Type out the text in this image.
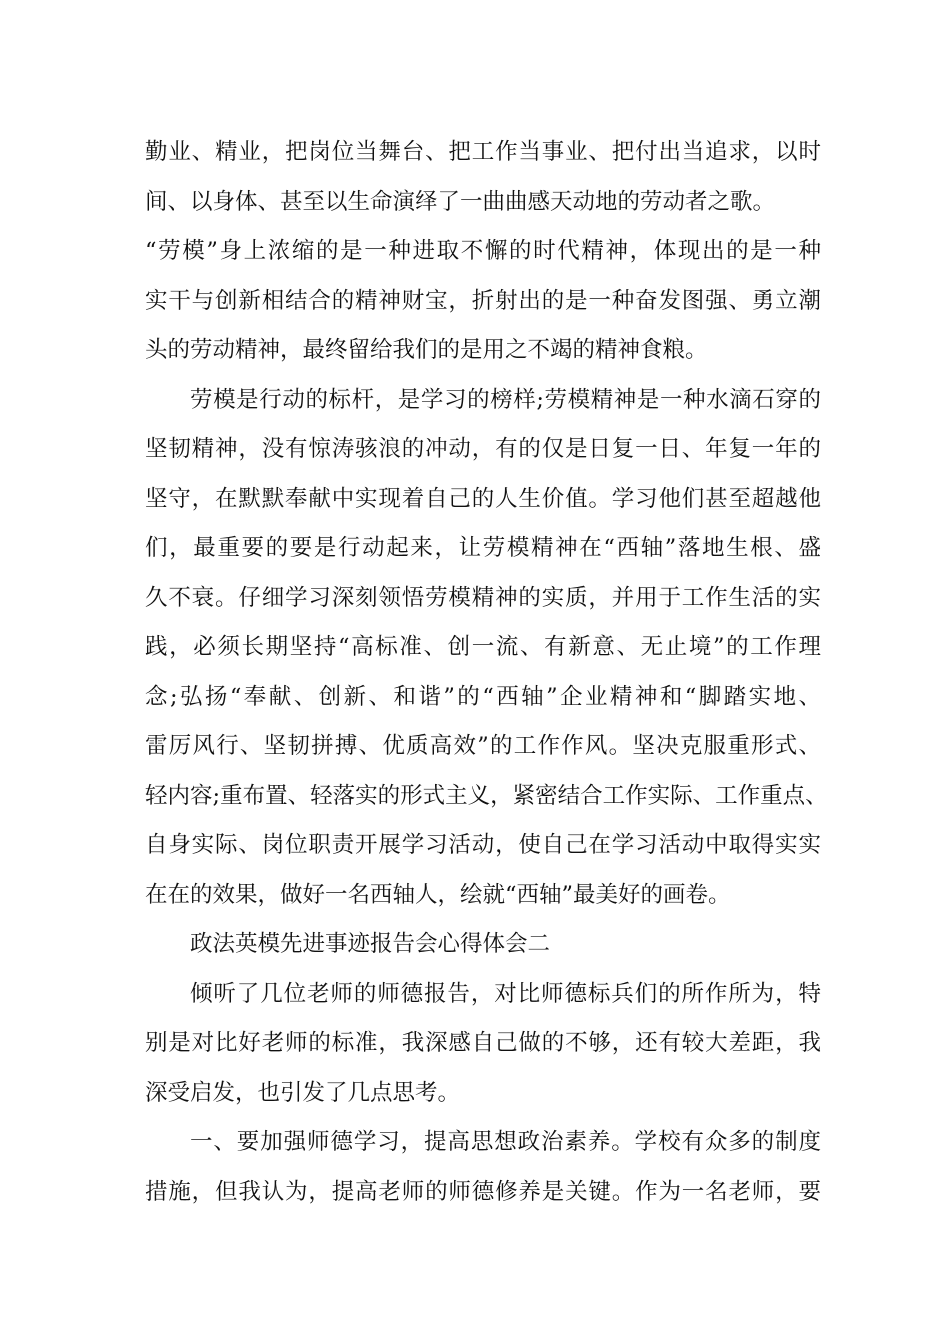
勤业、精业，把岗位当舞台、把工作当事业、把付出当追求，以时
间、以身体、甚至以生命演绎了一曲曲感天动地的劳动者之歌。
“劳模”身上浓缩的是一种进取不懈的时代精神，体现出的是一种
实干与创新相结合的精神财宝，折射出的是一种奋发图强、勇立潮
头的劳动精神，最终留给我们的是用之不竭的精神食粮。
劳模是行动的标杆，是学习的榜样;劳模精神是一种水滴石穿的
坚韧精神，没有惊涛骇浪的冲动，有的仅是日复一日、年复一年的
坚守，在默默奉献中实现着自己的人生价值。学习他们甚至超越他
们，最重要的要是行动起来，让劳模精神在“西轴”落地生根、盛
久不衰。仔细学习深刻领悟劳模精神的实质，并用于工作生活的实
践，必须长期坚持“高标准、创一流、有新意、无止境”的工作理
念;弘扬“奉献、创新、和谐”的“西轴”企业精神和“脚踏实地、
雷厉风行、坚韧拼搏、优质高效”的工作作风。坚决克服重形式、
轻内容;重布置、轻落实的形式主义，紧密结合工作实际、工作重点、
自身实际、岗位职责开展学习活动，使自己在学习活动中取得实实
在在的效果，做好一名西轴人，绘就“西轴”最美好的画卷。
政法英模先进事迹报告会心得体会二
倾听了几位老师的师德报告，对比师德标兵们的所作所为，特
别是对比好老师的标准，我深感自己做的不够，还有较大差距，我
深受启发，也引发了几点思考。
一、要加强师德学习，提高思想政治素养。学校有众多的制度
措施，但我认为，提高老师的师德修养是关键。作为一名老师，要
